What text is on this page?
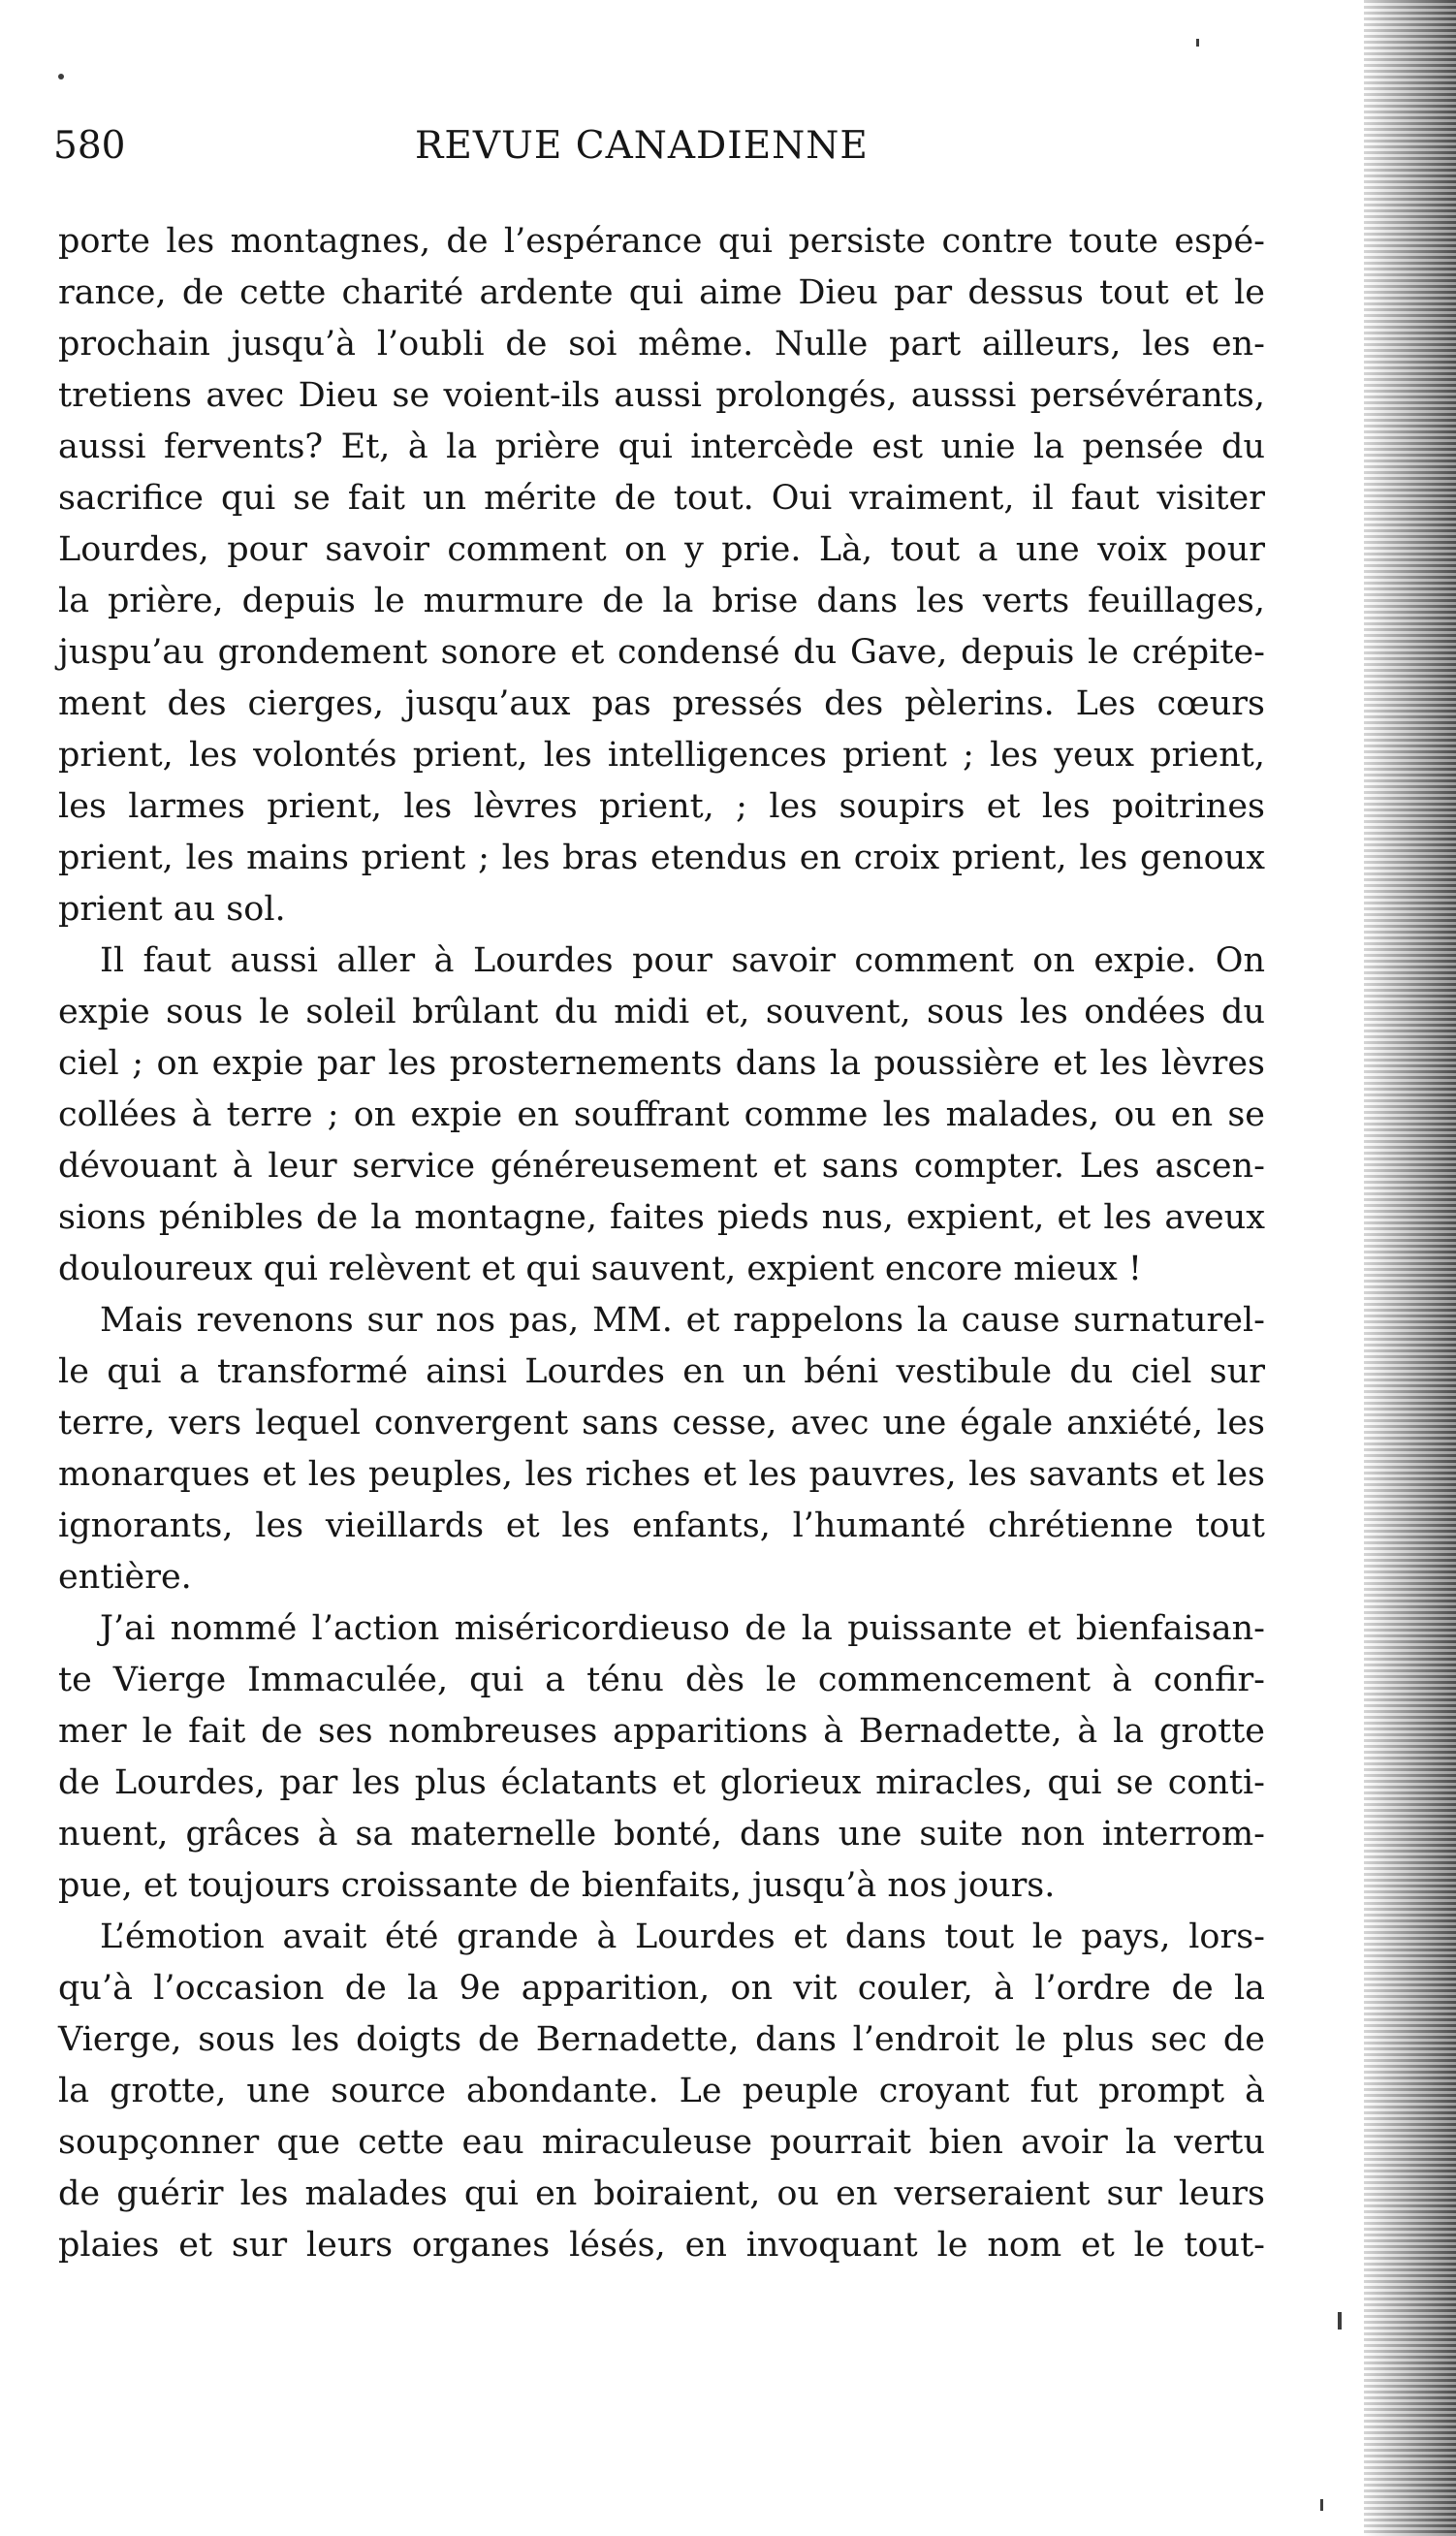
580	REVUE CANADIENNE
porte les montagnes, de l’espérance qui persiste contre toute espé-
rance, de cette charité ardente qui aime Dieu par dessus tout et le
prochain jusqu’à l’oubli de soi même. Nulle part ailleurs, les en-
tretiens avec Dieu se voient-ils aussi prolongés, ausssi persévérants,
aussi fervents? Et, à la prière qui intercède est unie la pensée du
sacrifice qui se fait un mérite de tout. Oui vraiment, il faut visiter
Lourdes, pour savoir comment on y prie. Là, tout a une voix pour
la prière, depuis le murmure de la brise dans les verts feuillages,
juspu’au grondement sonore et condensé du Gave, depuis le crépite-
ment des cierges, jusqu’aux pas pressés des pèlerins. Les cœurs
prient, les volontés prient, les intelligences prient ; les yeux prient,
les larmes prient, les lèvres prient, ; les soupirs et les poitrines
prient, les mains prient ; les bras etendus en croix prient, les genoux
prient au sol.
Il faut aussi aller à Lourdes pour savoir comment on expie. On
expie sous le soleil brûlant du midi et, souvent, sous les ondées du
ciel ; on expie par les prosternements dans la poussière et les lèvres
collées à terre ; on expie en souffrant comme les malades, ou en se
dévouant à leur service généreusement et sans compter. Les ascen-
sions pénibles de la montagne, faites pieds nus, expient, et les aveux
douloureux qui relèvent et qui sauvent, expient encore mieux !
Mais revenons sur nos pas, MM. et rappelons la cause surnaturel-
le qui a transformé ainsi Lourdes en un béni vestibule du ciel sur
terre, vers lequel convergent sans cesse, avec une égale anxiété, les
monarques et les peuples, les riches et les pauvres, les savants et les
ignorants, les vieillards et les enfants, l’humanté chrétienne tout
entière.
J’ai nommé l’action miséricordieuso de la puissante et bienfaisan-
te Vierge Immaculée, qui a ténu dès le commencement à confir-
mer le fait de ses nombreuses apparitions à Bernadette, à la grotte
de Lourdes, par les plus éclatants et glorieux miracles, qui se conti-
nuent, grâces à sa maternelle bonté, dans une suite non interrom-
pue, et toujours croissante de bienfaits, jusqu’à nos jours.
L’émotion avait été grande à Lourdes et dans tout le pays, lors-
qu’à l’occasion de la 9e apparition, on vit couler, à l’ordre de la
Vierge, sous les doigts de Bernadette, dans l’endroit le plus sec de
la grotte, une source abondante. Le peuple croyant fut prompt à
soupçonner que cette eau miraculeuse pourrait bien avoir la vertu
de guérir les malades qui en boiraient, ou en verseraient sur leurs
plaies et sur leurs organes lésés, en invoquant le nom et le tout-
